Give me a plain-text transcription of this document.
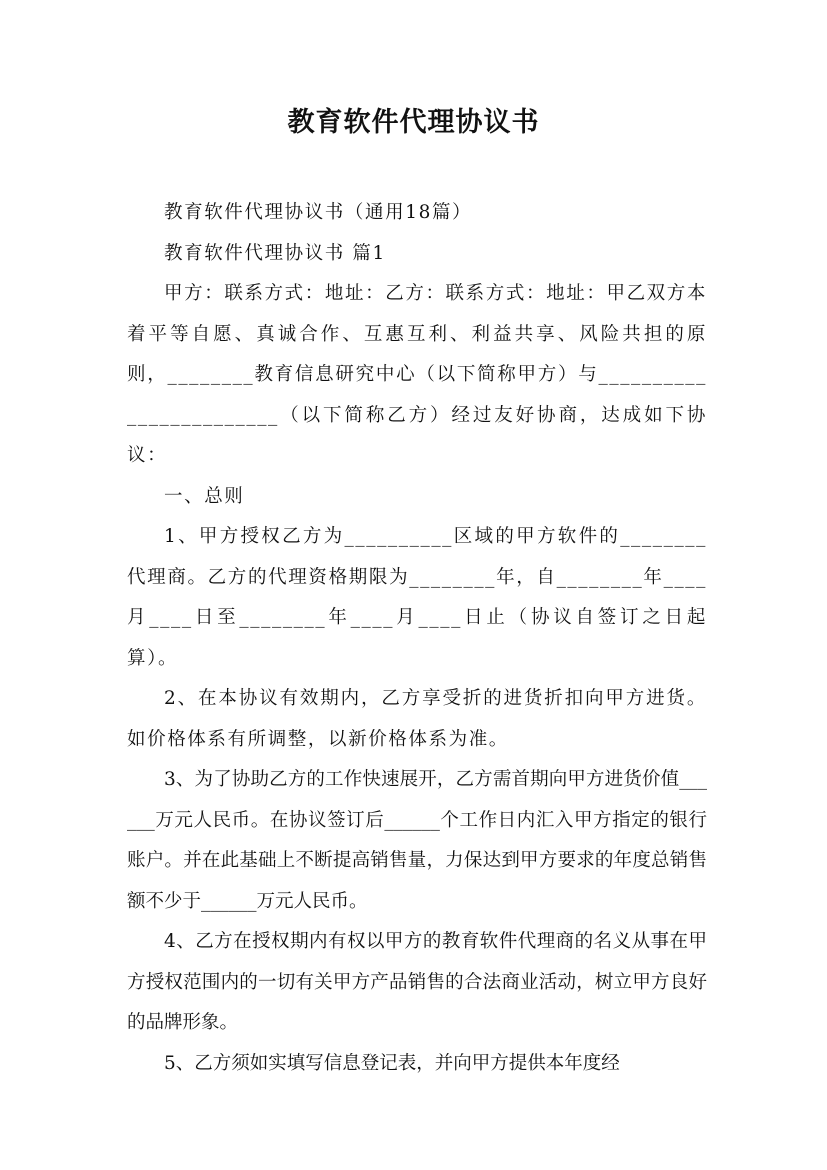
教育软件代理协议书

教育软件代理协议书（通用18篇）

教育软件代理协议书 篇1

甲方：联系方式：地址：乙方：联系方式：地址：甲乙双方本着平等自愿、真诚合作、互惠互利、利益共享、风险共担的原则，________教育信息研究中心（以下简称甲方）与________________________（以下简称乙方）经过友好协商，达成如下协议：

一、总则

1、甲方授权乙方为__________区域的甲方软件的________代理商。乙方的代理资格期限为________年，自________年____月____日至________年____月____日止（协议自签订之日起算）。

2、在本协议有效期内，乙方享受折的进货折扣向甲方进货。如价格体系有所调整，以新价格体系为准。

3、为了协助乙方的工作快速展开，乙方需首期向甲方进货价值______万元人民币。在协议签订后______个工作日内汇入甲方指定的银行账户。并在此基础上不断提高销售量，力保达到甲方要求的年度总销售额不少于______万元人民币。

4、乙方在授权期内有权以甲方的教育软件代理商的名义从事在甲方授权范围内的一切有关甲方产品销售的合法商业活动，树立甲方良好的品牌形象。

5、乙方须如实填写信息登记表，并向甲方提供本年度经
